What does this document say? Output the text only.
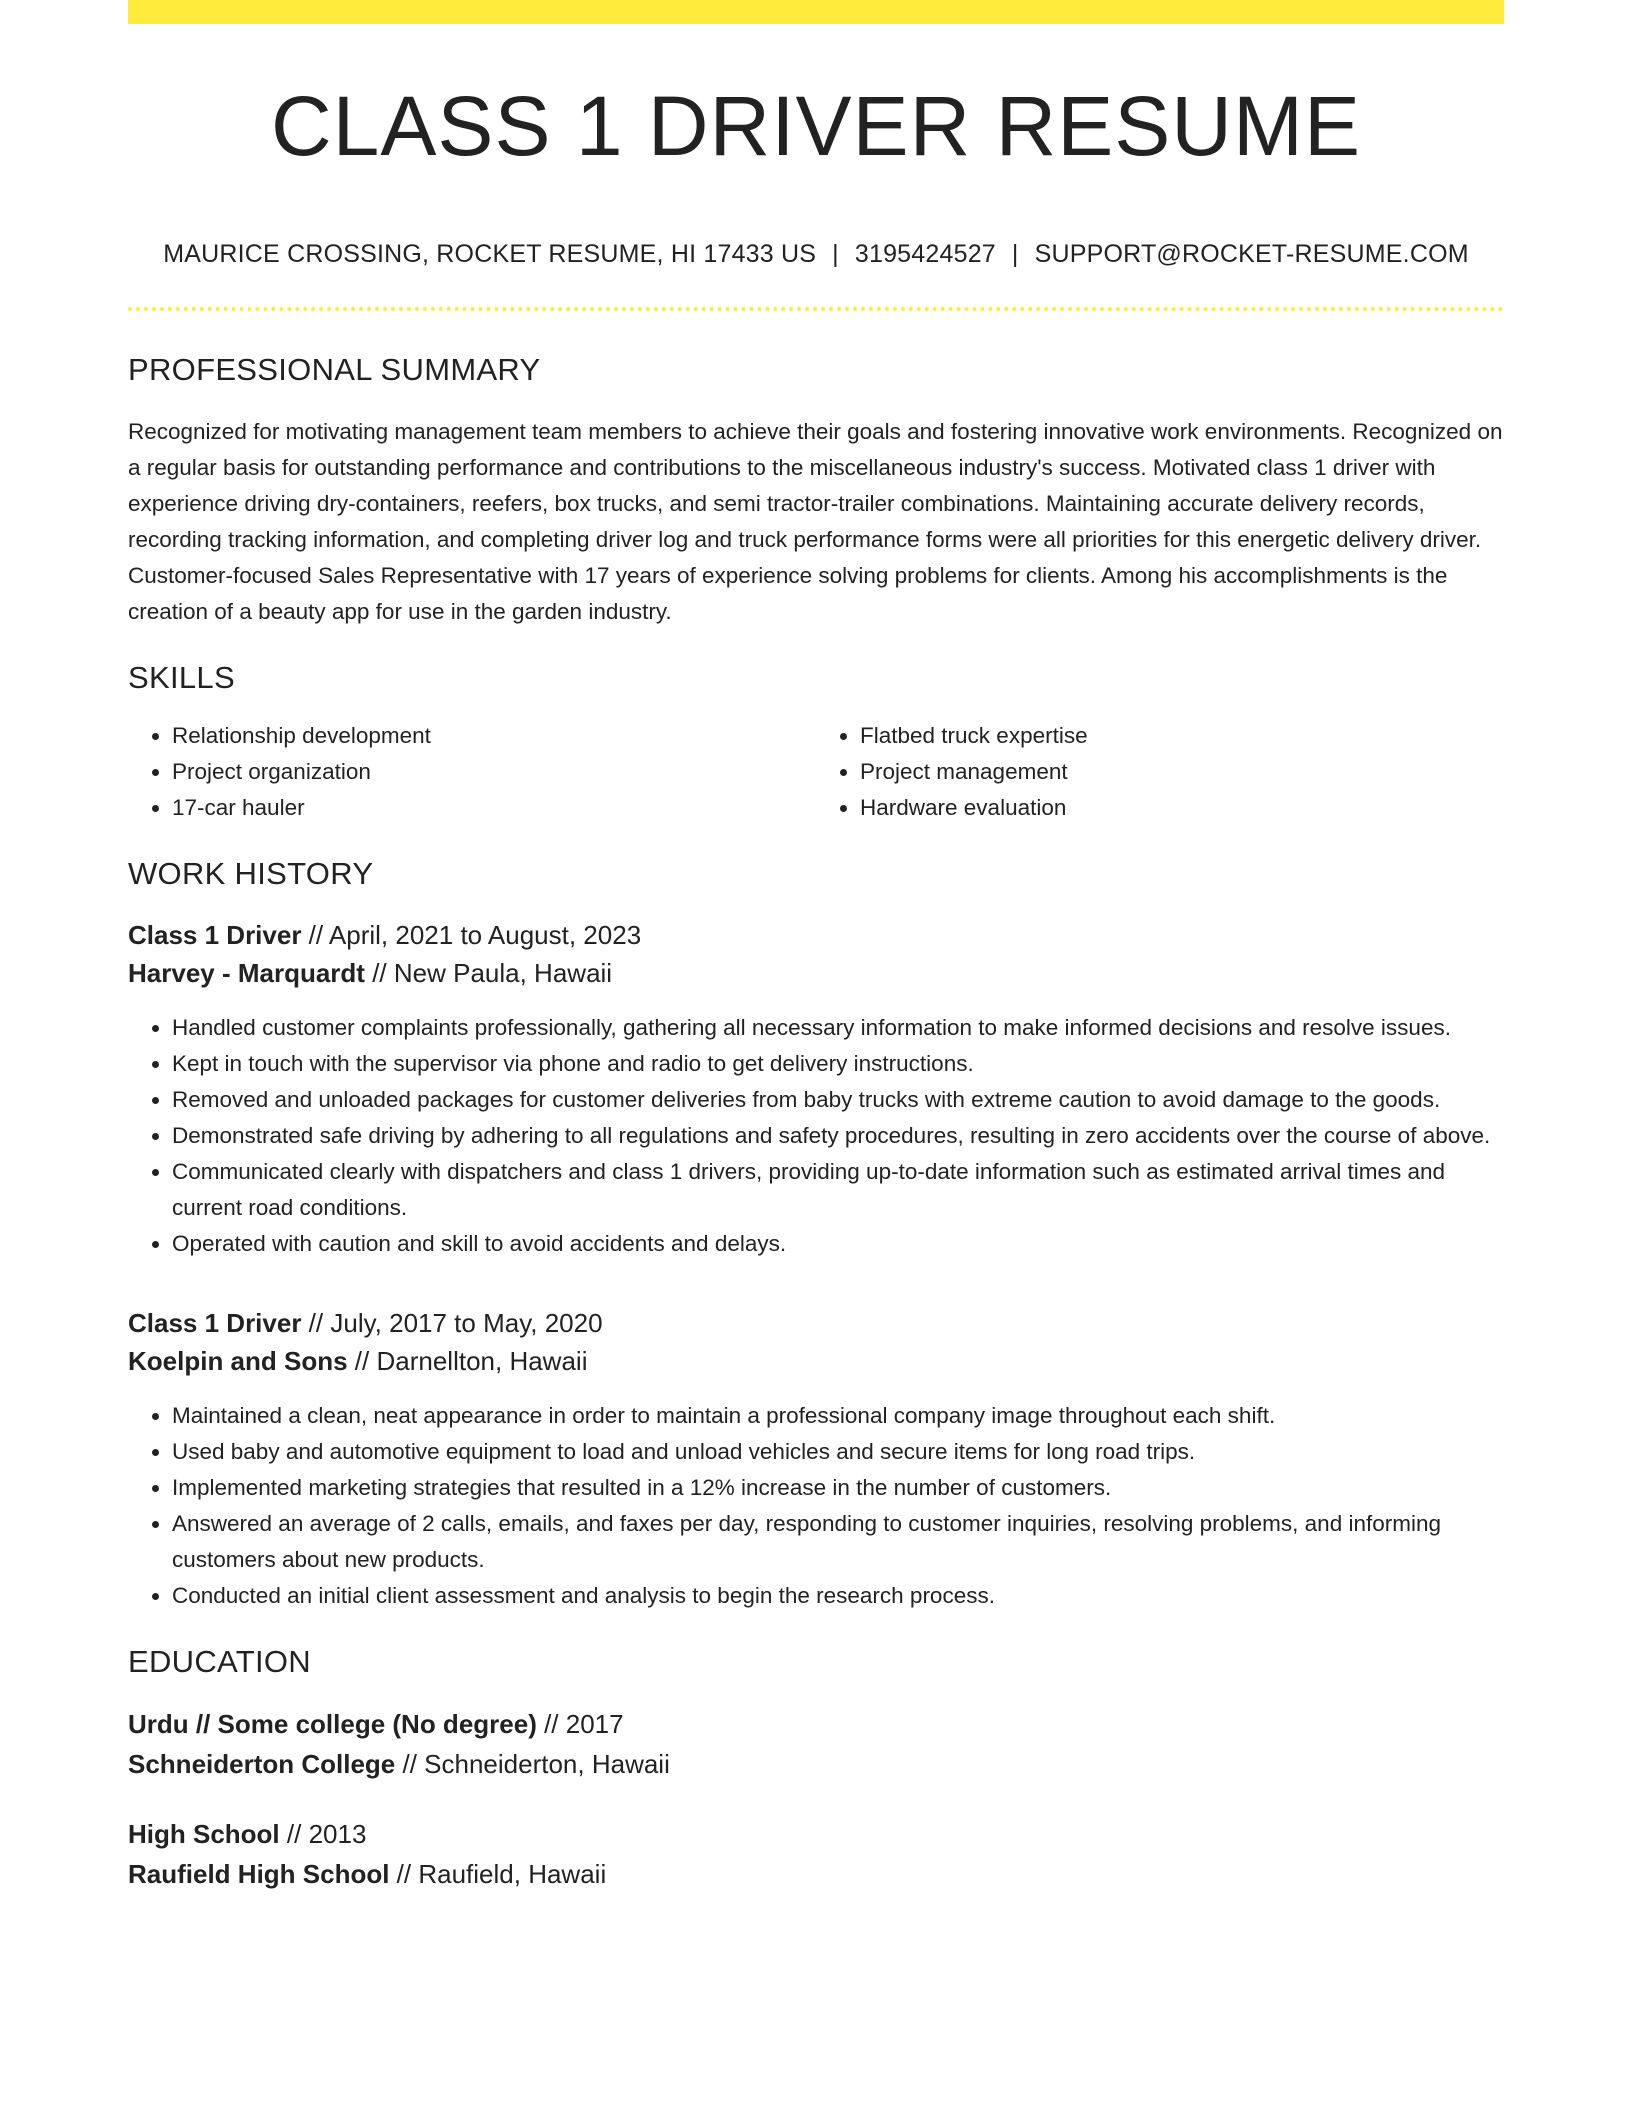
CLASS 1 DRIVER RESUME
MAURICE CROSSING, ROCKET RESUME, HI 17433 US | 3195424527 | SUPPORT@ROCKET-RESUME.COM
PROFESSIONAL SUMMARY

Recognized for motivating management team members to achieve their goals and fostering innovative work environments. Recognized on a regular basis for outstanding performance and contributions to the miscellaneous industry's success. Motivated class 1 driver with experience driving dry-containers, reefers, box trucks, and semi tractor-trailer combinations. Maintaining accurate delivery records, recording tracking information, and completing driver log and truck performance forms were all priorities for this energetic delivery driver. Customer-focused Sales Representative with 17 years of experience solving problems for clients. Among his accomplishments is the creation of a beauty app for use in the garden industry.

SKILLS
• Relationship development
• Project organization
• 17-car hauler
• Flatbed truck expertise
• Project management
• Hardware evaluation
WORK HISTORY
Class 1 Driver // April, 2021 to August, 2023
Harvey - Marquardt // New Paula, Hawaii
• Handled customer complaints professionally, gathering all necessary information to make informed decisions and resolve issues.
• Kept in touch with the supervisor via phone and radio to get delivery instructions.
• Removed and unloaded packages for customer deliveries from baby trucks with extreme caution to avoid damage to the goods.
• Demonstrated safe driving by adhering to all regulations and safety procedures, resulting in zero accidents over the course of above.
• Communicated clearly with dispatchers and class 1 drivers, providing up-to-date information such as estimated arrival times and current road conditions.
• Operated with caution and skill to avoid accidents and delays.
Class 1 Driver // July, 2017 to May, 2020
Koelpin and Sons // Darnellton, Hawaii
• Maintained a clean, neat appearance in order to maintain a professional company image throughout each shift.
• Used baby and automotive equipment to load and unload vehicles and secure items for long road trips.
• Implemented marketing strategies that resulted in a 12% increase in the number of customers.
• Answered an average of 2 calls, emails, and faxes per day, responding to customer inquiries, resolving problems, and informing customers about new products.
• Conducted an initial client assessment and analysis to begin the research process.
EDUCATION
Urdu // Some college (No degree) // 2017
Schneiderton College // Schneiderton, Hawaii
High School // 2013
Raufield High School // Raufield, Hawaii
